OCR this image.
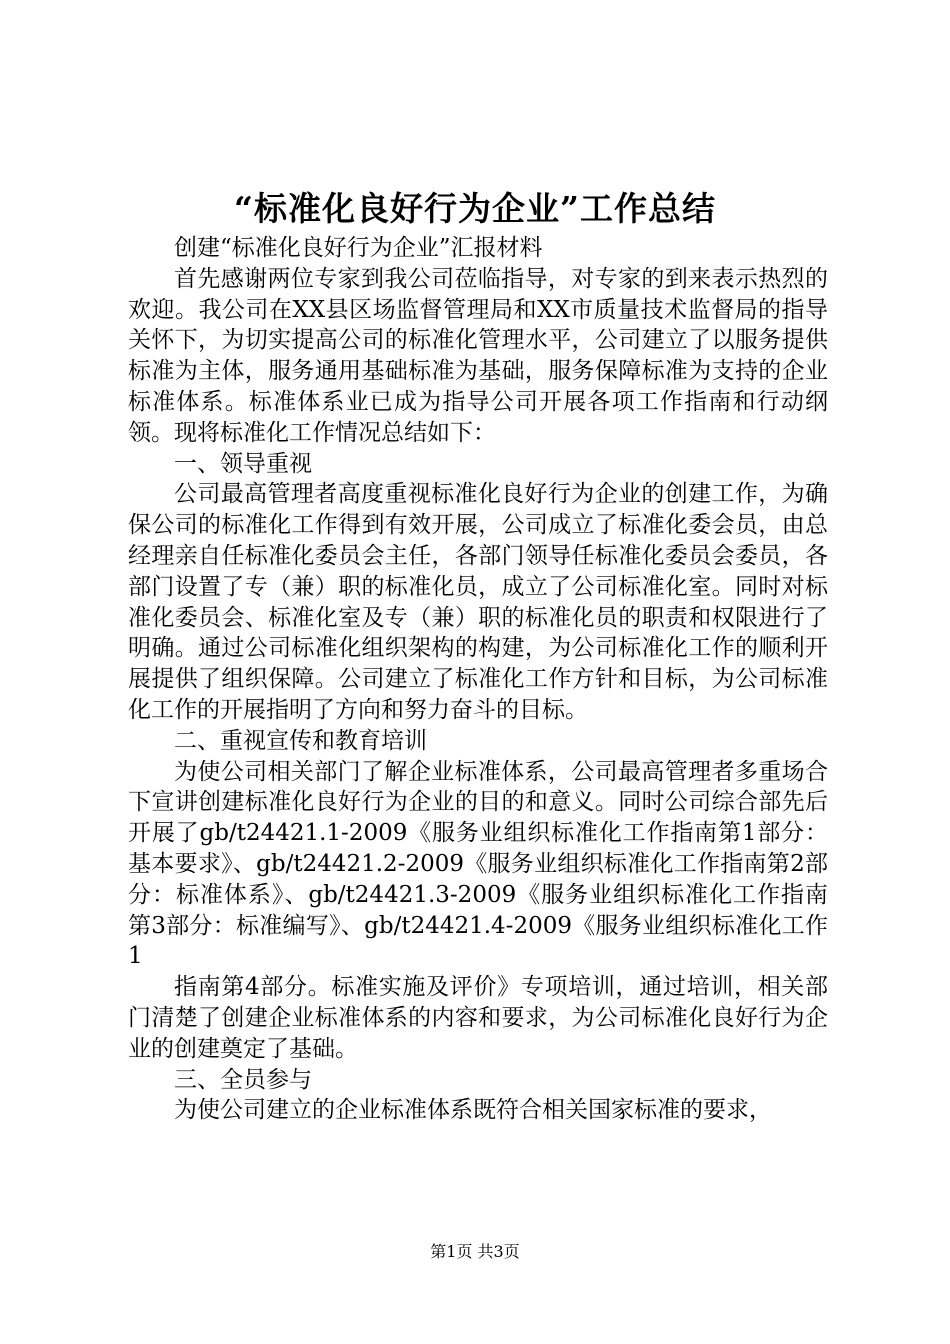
“标准化良好行为企业”工作总结

创建“标准化良好行为企业”汇报材料

首先感谢两位专家到我公司莅临指导，对专家的到来表示热烈的欢迎。我公司在XX县区场监督管理局和XX市质量技术监督局的指导关怀下，为切实提高公司的标准化管理水平，公司建立了以服务提供标准为主体，服务通用基础标准为基础，服务保障标准为支持的企业标准体系。标准体系业已成为指导公司开展各项工作指南和行动纲领。现将标准化工作情况总结如下：

一、领导重视

公司最高管理者高度重视标准化良好行为企业的创建工作，为确保公司的标准化工作得到有效开展，公司成立了标准化委会员，由总经理亲自任标准化委员会主任，各部门领导任标准化委员会委员，各部门设置了专（兼）职的标准化员，成立了公司标准化室。同时对标准化委员会、标准化室及专（兼）职的标准化员的职责和权限进行了明确。通过公司标准化组织架构的构建，为公司标准化工作的顺利开展提供了组织保障。公司建立了标准化工作方针和目标，为公司标准化工作的开展指明了方向和努力奋斗的目标。

二、重视宣传和教育培训

为使公司相关部门了解企业标准体系，公司最高管理者多重场合下宣讲创建标准化良好行为企业的目的和意义。同时公司综合部先后开展了gb/t24421.1-2009《服务业组织标准化工作指南第1部分：基本要求》、gb/t24421.2-2009《服务业组织标准化工作指南第2部分：标准体系》、gb/t24421.3-2009《服务业组织标准化工作指南第3部分：标准编写》、gb/t24421.4-2009《服务业组织标准化工作1

指南第4部分。标准实施及评价》专项培训，通过培训，相关部门清楚了创建企业标准体系的内容和要求，为公司标准化良好行为企业的创建奠定了基础。

三、全员参与

为使公司建立的企业标准体系既符合相关国家标准的要求，

第1页 共3页
